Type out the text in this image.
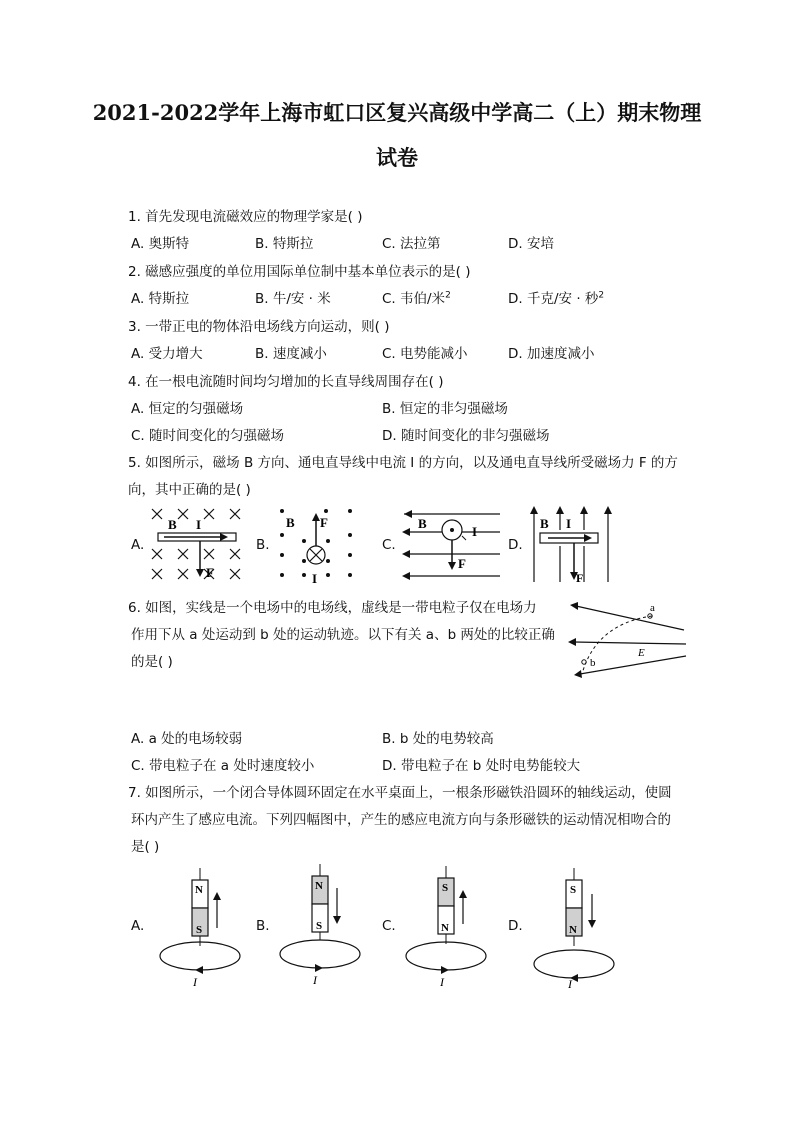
2021-2022学年上海市虹口区复兴高级中学高二（上）期末物理
试卷
1. 首先发现电流磁效应的物理学家是( )
A. 奥斯特	B. 特斯拉	C. 法拉第	D. 安培
2. 磁感应强度的单位用国际单位制中基本单位表示的是( )
A. 特斯拉	B. 牛/安 · 米	C. 韦伯/米$^2$	D. 千克/安 · 秒$^2$
3. 一带正电的物体沿电场线方向运动，则( )
A. 受力增大	B. 速度减小	C. 电势能减小	D. 加速度减小
4. 在一根电流随时间均匀增加的长直导线周围存在( )
A. 恒定的匀强磁场	B. 恒定的非匀强磁场
C. 随时间变化的匀强磁场	D. 随时间变化的非匀强磁场
5. 如图所示，磁场 B 方向、通电直导线中电流 I 的方向，以及通电直导线所受磁场力 F 的方
向，其中正确的是( )
A.	B.	C.	D.
B I
F
B F
I
B
I
F
B I
F
6. 如图，实线是一个电场中的电场线，虚线是一带电粒子仅在电场力
作用下从 a 处运动到 b 处的运动轨迹。以下有关 a、b 两处的比较正确
的是( )
a
b
E
A. a 处的电场较弱	B. b 处的电势较高
C. 带电粒子在 a 处时速度较小	D. 带电粒子在 b 处时电势能较大
7. 如图所示，一个闭合导体圆环固定在水平桌面上，一根条形磁铁沿圆环的轴线运动，使圆
环内产生了感应电流。下列四幅图中，产生的感应电流方向与条形磁铁的运动情况相吻合的
是( )
A.	B.	C.	D.
N
S
I
N
S
I
S
N
I
S
N
I
